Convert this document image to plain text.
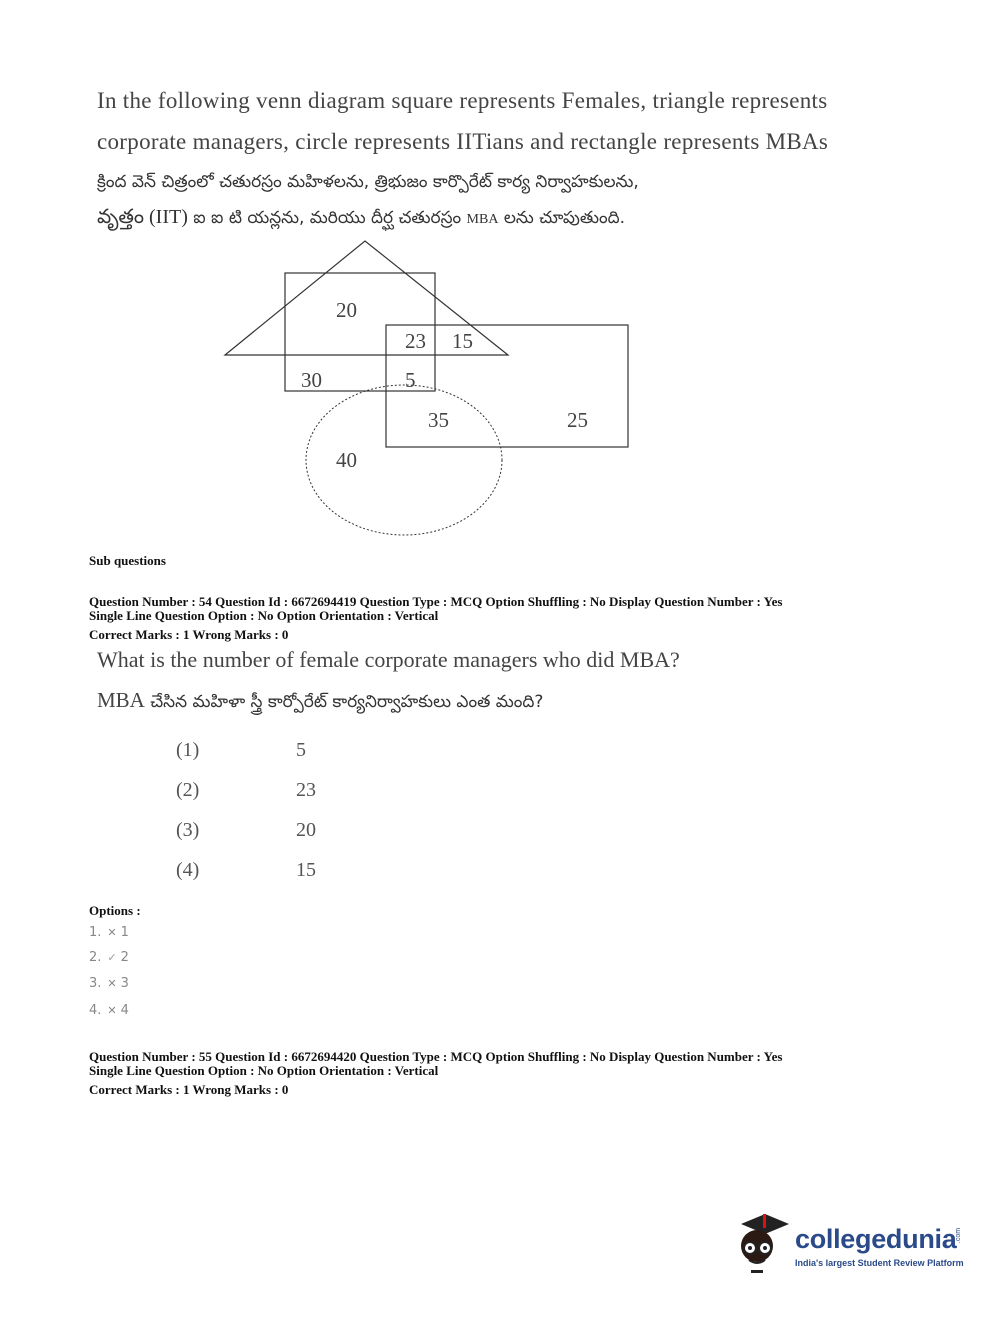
In the following venn diagram square represents Females, triangle represents
corporate managers, circle represents IITians and rectangle represents MBAs
క్రింద వెన్ చిత్రంలో చతురస్రం మహిళలను, త్రిభుజం కార్పొరేట్ కార్య నిర్వాహకులను,
వృత్తం (IIT) ఐ ఐ టి యన్లను, మరియు దీర్ఘ చతురస్రం MBA లను చూపుతుంది.
20
23 15
30	5
35	25
40
Sub questions
Question Number : 54 Question Id : 6672694419 Question Type : MCQ Option Shuffling : No Display Question Number : Yes
Single Line Question Option : No Option Orientation : Vertical
Correct Marks : 1 Wrong Marks : 0
What is the number of female corporate managers who did MBA?
MBA చేసిన మహిళా స్త్రీ కార్పోరేట్ కార్యనిర్వాహకులు ఎంత మంది?
(1)	5
(2)	23
(3)	20
(4)	15
Options :
1. ✕ 1
2. ✓ 2
3. ✕ 3
4. ✕ 4
Question Number : 55 Question Id : 6672694420 Question Type : MCQ Option Shuffling : No Display Question Number : Yes
Single Line Question Option : No Option Orientation : Vertical
Correct Marks : 1 Wrong Marks : 0
collegedunia
.com
India's largest Student Review Platform
